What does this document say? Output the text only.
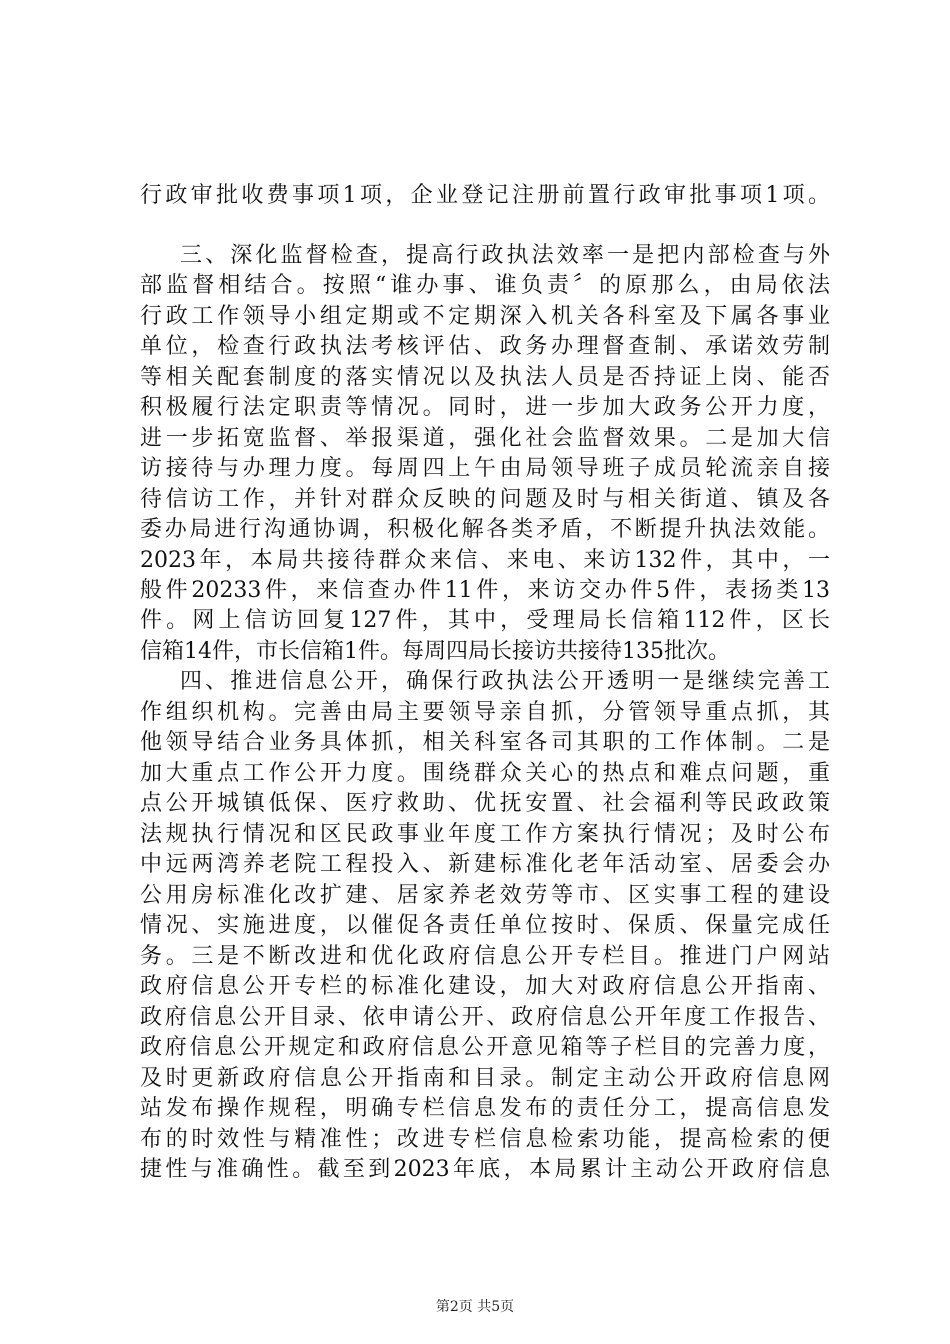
行政审批收费事项1项，企业登记注册前置行政审批事项1项。
三、深化监督检查，提高行政执法效率一是把内部检查与外
部监督相结合。按照“谁办事、谁负责〞的原那么，由局依法
行政工作领导小组定期或不定期深入机关各科室及下属各事业
单位，检查行政执法考核评估、政务办理督查制、承诺效劳制
等相关配套制度的落实情况以及执法人员是否持证上岗、能否
积极履行法定职责等情况。同时，进一步加大政务公开力度，
进一步拓宽监督、举报渠道，强化社会监督效果。二是加大信
访接待与办理力度。每周四上午由局领导班子成员轮流亲自接
待信访工作，并针对群众反映的问题及时与相关街道、镇及各
委办局进行沟通协调，积极化解各类矛盾，不断提升执法效能。
2023年，本局共接待群众来信、来电、来访132件，其中，一
般件20233件，来信查办件11件，来访交办件5件，表扬类13
件。网上信访回复127件，其中，受理局长信箱112件，区长
信箱14件，市长信箱1件。每周四局长接访共接待135批次。
四、推进信息公开，确保行政执法公开透明一是继续完善工
作组织机构。完善由局主要领导亲自抓，分管领导重点抓，其
他领导结合业务具体抓，相关科室各司其职的工作体制。二是
加大重点工作公开力度。围绕群众关心的热点和难点问题，重
点公开城镇低保、医疗救助、优抚安置、社会福利等民政政策
法规执行情况和区民政事业年度工作方案执行情况；及时公布
中远两湾养老院工程投入、新建标准化老年活动室、居委会办
公用房标准化改扩建、居家养老效劳等市、区实事工程的建设
情况、实施进度，以催促各责任单位按时、保质、保量完成任
务。三是不断改进和优化政府信息公开专栏目。推进门户网站
政府信息公开专栏的标准化建设，加大对政府信息公开指南、
政府信息公开目录、依申请公开、政府信息公开年度工作报告、
政府信息公开规定和政府信息公开意见箱等子栏目的完善力度，
及时更新政府信息公开指南和目录。制定主动公开政府信息网
站发布操作规程，明确专栏信息发布的责任分工，提高信息发
布的时效性与精准性；改进专栏信息检索功能，提高检索的便
捷性与准确性。截至到2023年底，本局累计主动公开政府信息
第2页 共5页
